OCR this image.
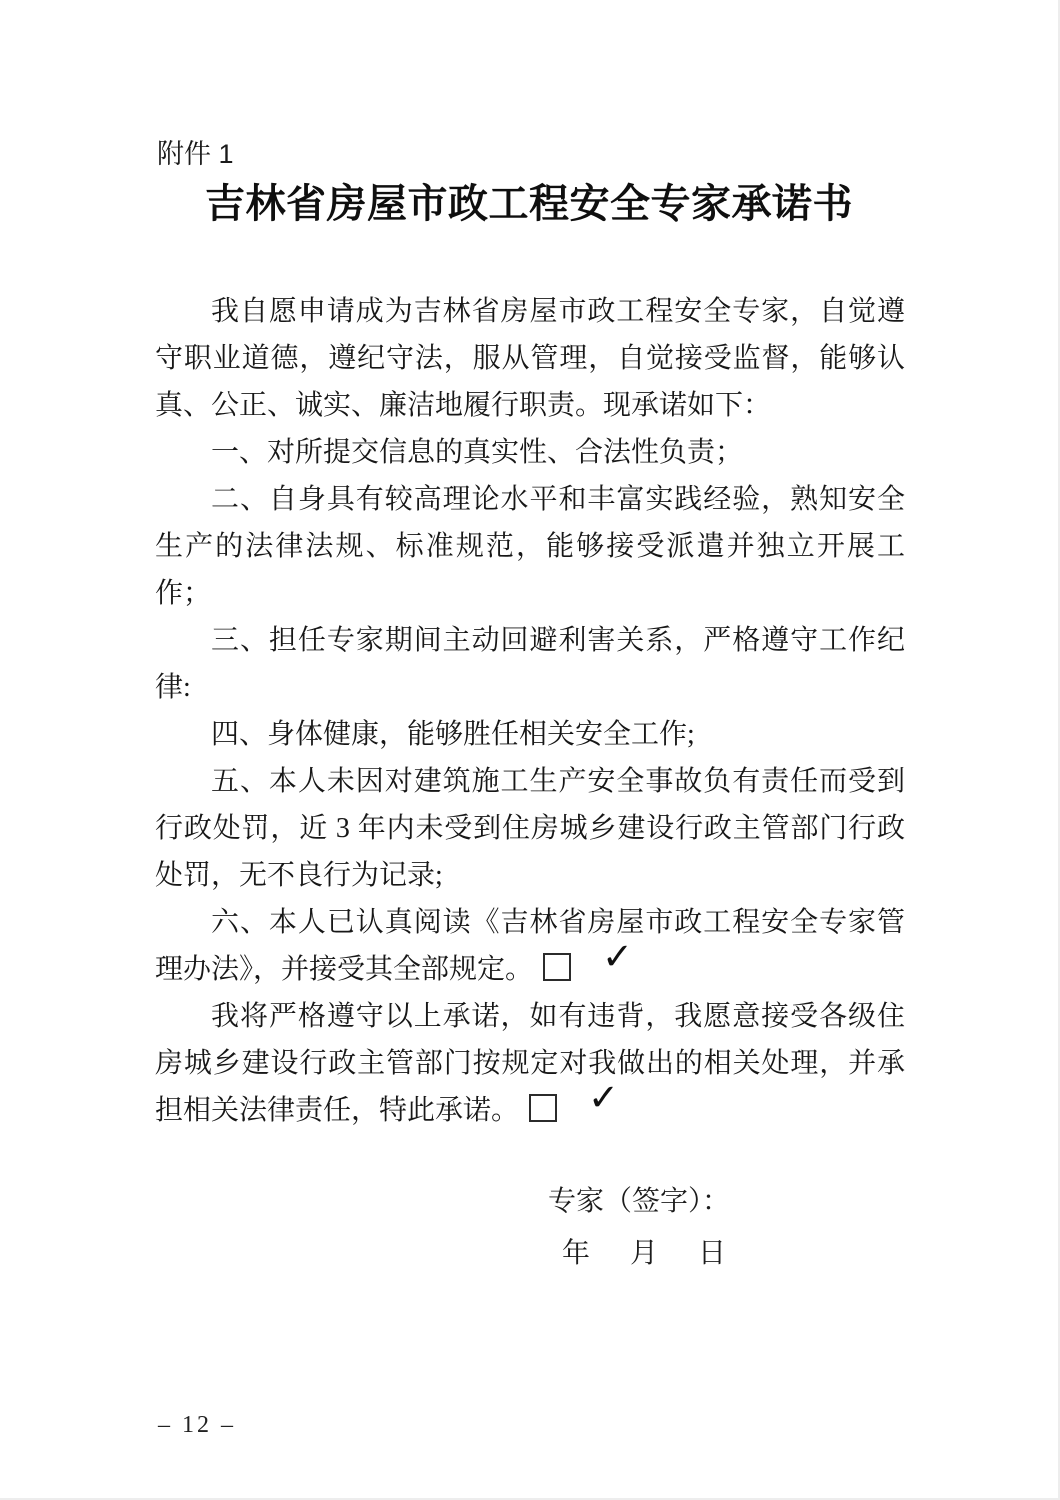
附件 1
吉林省房屋市政工程安全专家承诺书

我自愿申请成为吉林省房屋市政工程安全专家，自觉遵守职业道德，遵纪守法，服从管理，自觉接受监督，能够认真、公正、诚实、廉洁地履行职责。现承诺如下：

一、对所提交信息的真实性、合法性负责；

二、自身具有较高理论水平和丰富实践经验，熟知安全生产的法律法规、标准规范，能够接受派遣并独立开展工作；

三、担任专家期间主动回避利害关系，严格遵守工作纪律:

四、身体健康，能够胜任相关安全工作;

五、本人未因对建筑施工生产安全事故负有责任而受到行政处罚，近 3 年内未受到住房城乡建设行政主管部门行政处罚，无不良行为记录;

六、本人已认真阅读《吉林省房屋市政工程安全专家管理办法》，并接受其全部规定。	✓

我将严格遵守以上承诺，如有违背，我愿意接受各级住房城乡建设行政主管部门按规定对我做出的相关处理，并承担相关法律责任，特此承诺。	✓

专家（签字）：
年　月　日
– 12 –
